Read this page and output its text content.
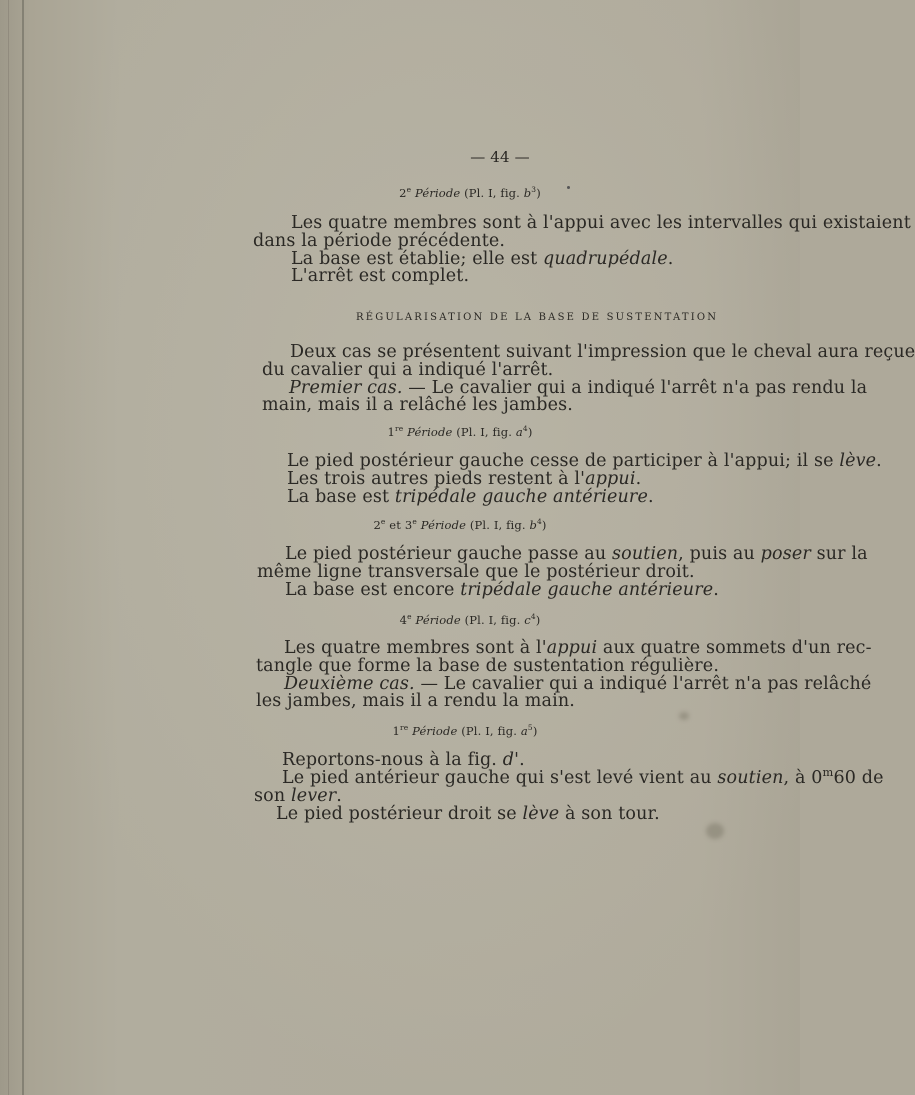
— 44 —
2e Période (Pl. I, fig. $b^3$)
Les quatre membres sont à l'appui avec les intervalles qui existaient
dans la période précédente.
La base est établie; elle est quadrupédale.
L'arrêt est complet.
RÉGULARISATION DE LA BASE DE SUSTENTATION
Deux cas se présentent suivant l'impression que le cheval aura reçue
du cavalier qui a indiqué l'arrêt.
Premier cas. — Le cavalier qui a indiqué l'arrêt n'a pas rendu la
main, mais il a relâché les jambes.
1re Période (Pl. I, fig. $a^4$)
Le pied postérieur gauche cesse de participer à l'appui; il se lève.
Les trois autres pieds restent à l'appui.
La base est tripédale gauche antérieure.
2e et 3e Période (Pl. I, fig. $b^4$)
Le pied postérieur gauche passe au soutien, puis au poser sur la
même ligne transversale que le postérieur droit.
La base est encore tripédale gauche antérieure.
4e Période (Pl. I, fig. $c^4$)
Les quatre membres sont à l'appui aux quatre sommets d'un rec-
tangle que forme la base de sustentation régulière.
Deuxième cas. — Le cavalier qui a indiqué l'arrêt n'a pas relâché
les jambes, mais il a rendu la main.
1re Période (Pl. I, fig. $a^5$)
Reportons-nous à la fig. d'.
Le pied antérieur gauche qui s'est levé vient au soutien, à 0$^m$60 de
son lever.
Le pied postérieur droit se lève à son tour.
